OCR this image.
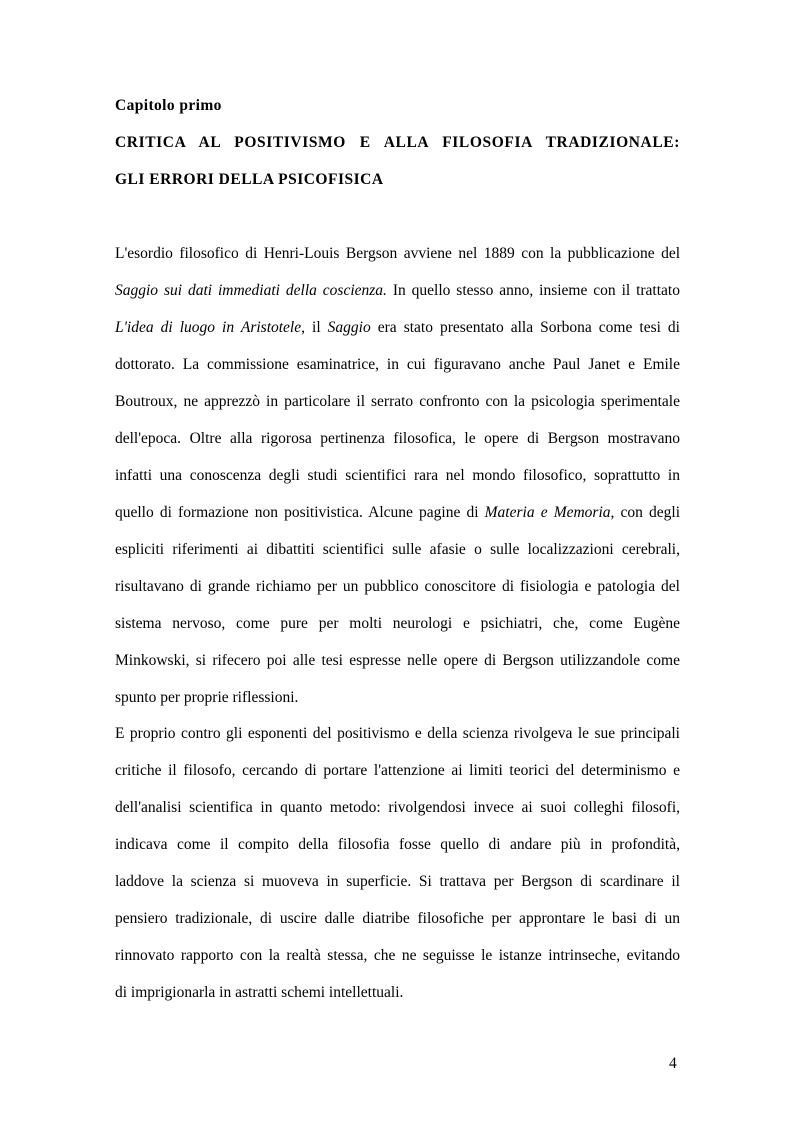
Capitolo primo
CRITICA AL POSITIVISMO E ALLA FILOSOFIA TRADIZIONALE:
GLI ERRORI DELLA PSICOFISICA
L'esordio filosofico di Henri-Louis Bergson avviene nel 1889 con la pubblicazione del
Saggio sui dati immediati della coscienza. In quello stesso anno, insieme con il trattato
L'idea di luogo in Aristotele, il Saggio era stato presentato alla Sorbona come tesi di
dottorato. La commissione esaminatrice, in cui figuravano anche Paul Janet e Emile
Boutroux, ne apprezzò in particolare il serrato confronto con la psicologia sperimentale
dell'epoca. Oltre alla rigorosa pertinenza filosofica, le opere di Bergson mostravano
infatti una conoscenza degli studi scientifici rara nel mondo filosofico, soprattutto in
quello di formazione non positivistica. Alcune pagine di Materia e Memoria, con degli
espliciti riferimenti ai dibattiti scientifici sulle afasie o sulle localizzazioni cerebrali,
risultavano di grande richiamo per un pubblico conoscitore di fisiologia e patologia del
sistema nervoso, come pure per molti neurologi e psichiatri, che, come Eugène
Minkowski, si rifecero poi alle tesi espresse nelle opere di Bergson utilizzandole come
spunto per proprie riflessioni.
E proprio contro gli esponenti del positivismo e della scienza rivolgeva le sue principali
critiche il filosofo, cercando di portare l'attenzione ai limiti teorici del determinismo e
dell'analisi scientifica in quanto metodo: rivolgendosi invece ai suoi colleghi filosofi,
indicava come il compito della filosofia fosse quello di andare più in profondità,
laddove la scienza si muoveva in superficie. Si trattava per Bergson di scardinare il
pensiero tradizionale, di uscire dalle diatribe filosofiche per approntare le basi di un
rinnovato rapporto con la realtà stessa, che ne seguisse le istanze intrinseche, evitando
di imprigionarla in astratti schemi intellettuali.
4
